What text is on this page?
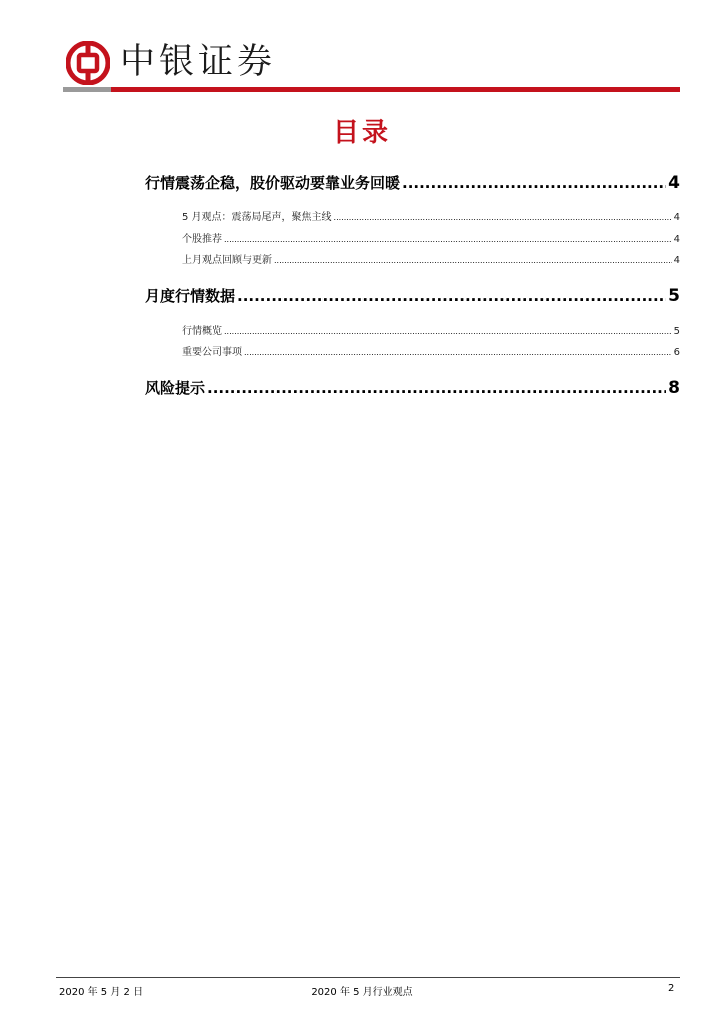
中银证券
目录
行情震荡企稳，股价驱动要靠业务回暖 .....	4
5 月观点：震荡局尾声，聚焦主线 .....	4
个股推荐 .....	4
上月观点回顾与更新 .....	4
月度行情数据 .....	5
行情概览 .....	5
重要公司事项 .....	6
风险提示 .....	8
2020 年 5 月 2 日	2020 年 5 月行业观点	2
